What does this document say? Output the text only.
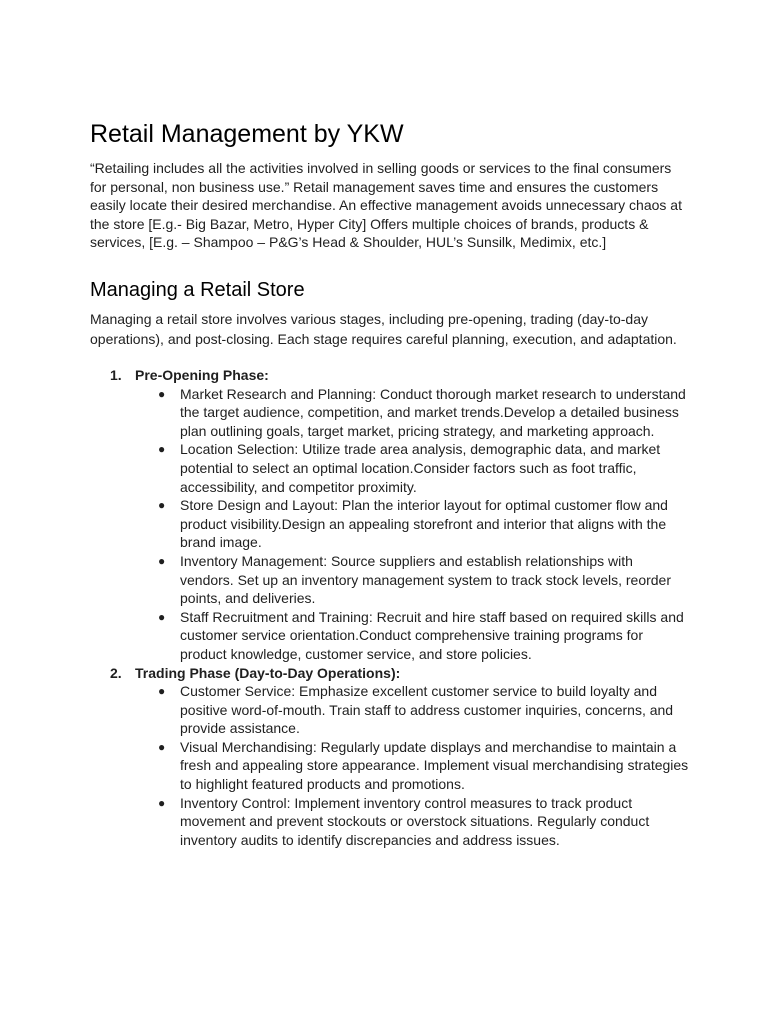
Retail Management by YKW

“Retailing includes all the activities involved in selling goods or services to the final consumers for personal, non business use.” Retail management saves time and ensures the customers easily locate their desired merchandise. An effective management avoids unnecessary chaos at the store [E.g.- Big Bazar, Metro, Hyper City] Offers multiple choices of brands, products & services, [E.g. – Shampoo – P&G’s Head & Shoulder, HUL’s Sunsilk, Medimix, etc.]

Managing a Retail Store

Managing a retail store involves various stages, including pre-opening, trading (day-to-day operations), and post-closing. Each stage requires careful planning, execution, and adaptation.

1. Pre-Opening Phase:
● Market Research and Planning: Conduct thorough market research to understand the target audience, competition, and market trends.Develop a detailed business plan outlining goals, target market, pricing strategy, and marketing approach.
● Location Selection: Utilize trade area analysis, demographic data, and market potential to select an optimal location.Consider factors such as foot traffic, accessibility, and competitor proximity.
● Store Design and Layout: Plan the interior layout for optimal customer flow and product visibility.Design an appealing storefront and interior that aligns with the brand image.
● Inventory Management: Source suppliers and establish relationships with vendors. Set up an inventory management system to track stock levels, reorder points, and deliveries.
● Staff Recruitment and Training: Recruit and hire staff based on required skills and customer service orientation.Conduct comprehensive training programs for product knowledge, customer service, and store policies.
2. Trading Phase (Day-to-Day Operations):
● Customer Service: Emphasize excellent customer service to build loyalty and positive word-of-mouth. Train staff to address customer inquiries, concerns, and provide assistance.
● Visual Merchandising: Regularly update displays and merchandise to maintain a fresh and appealing store appearance. Implement visual merchandising strategies to highlight featured products and promotions.
● Inventory Control: Implement inventory control measures to track product movement and prevent stockouts or overstock situations. Regularly conduct inventory audits to identify discrepancies and address issues.
